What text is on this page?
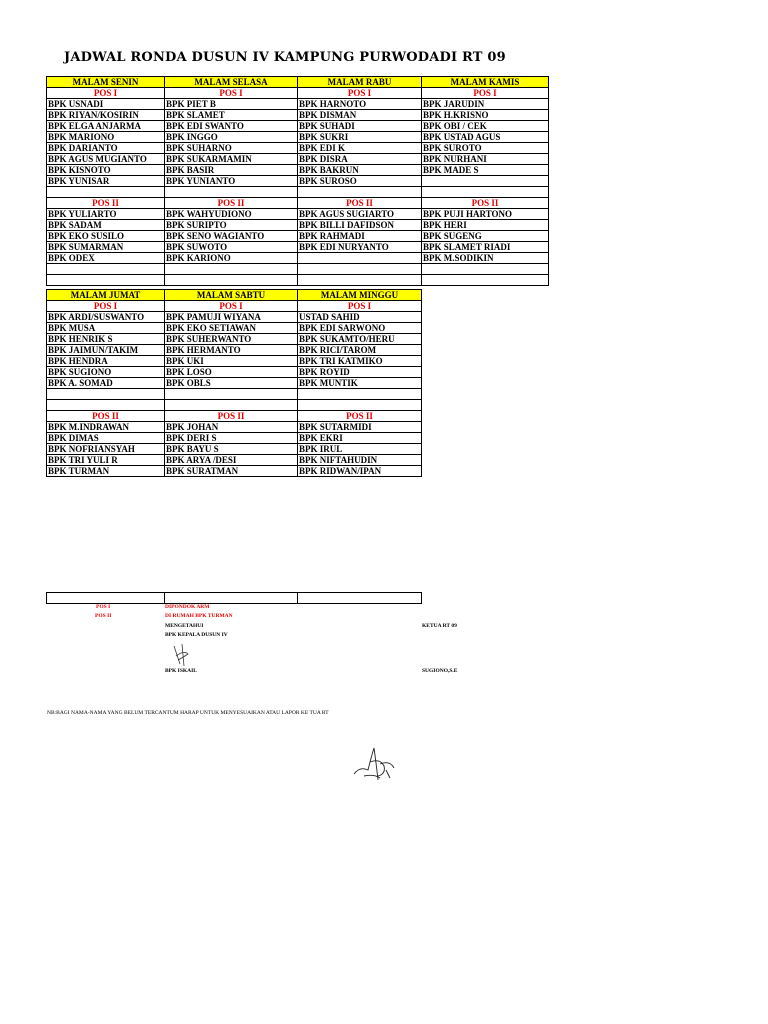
JADWAL RONDA DUSUN IV KAMPUNG PURWODADI RT 09
MALAM SENIN	MALAM SELASA	MALAM RABU	MALAM KAMIS
POS I	POS I	POS I	POS I
BPK USNADI	BPK PIET B	BPK HARNOTO	BPK JARUDIN
BPK RIYAN/KOSIRIN	BPK SLAMET	BPK DISMAN	BPK H.KRISNO
BPK ELGA ANJARMA	BPK EDI SWANTO	BPK SUHADI	BPK OBI / CEK
BPK MARIONO	BPK INGGO	BPK SUKRI	BPK USTAD AGUS
BPK DARIANTO	BPK SUHARNO	BPK EDI K	BPK SUROTO
BPK AGUS MUGIANTO	BPK SUKARMAMIN	BPK DISRA	BPK NURHANI
BPK KISNOTO	BPK BASIR	BPK BAKRUN	BPK MADE S
BPK YUNISAR	BPK YUNIANTO	BPK SUROSO	

POS II	POS II	POS II	POS II
BPK YULIARTO	BPK WAHYUDIONO	BPK AGUS SUGIARTO	BPK PUJI HARTONO
BPK SADAM	BPK SURIPTO	BPK BILLI DAFIDSON	BPK HERI
BPK EKO SUSILO	BPK SENO WAGIANTO	BPK RAHMADI	BPK SUGENG
BPK SUMARMAN	BPK SUWOTO	BPK EDI NURYANTO	BPK SLAMET RIADI
BPK ODEX	BPK KARIONO		BPK M.SODIKIN

MALAM JUMAT	MALAM SABTU	MALAM MINGGU
POS I	POS I	POS I
BPK ARDI/SUSWANTO	BPK PAMUJI WIYANA	USTAD SAHID
BPK MUSA	BPK EKO SETIAWAN	BPK EDI SARWONO
BPK HENRIK S	BPK SUHERWANTO	BPK SUKAMTO/HERU
BPK JAIMUN/TAKIM	BPK HERMANTO	BPK RICI/TAROM
BPK HENDRA	BPK UKI	BPK TRI KATMIKO
BPK SUGIONO	BPK LOSO	BPK ROYID
BPK A. SOMAD	BPK OBLS	BPK MUNTIK

POS II	POS II	POS II
BPK M.INDRAWAN	BPK JOHAN	BPK SUTARMIDI
BPK DIMAS	BPK DERI S	BPK EKRI
BPK NOFRIANSYAH	BPK BAYU S	BPK IRUL
BPK TRI YULI R	BPK ARYA /DESI	BPK NIFTAHUDIN
BPK TURMAN	BPK SURATMAN	BPK RIDWAN/IPAN

POS I
POS II
DIPONDOK ARM
DI RUMAH BPK TURMAN
MENGETAHUI
BPK KEPALA DUSUN IV
KETUA RT 09
BPK ISKAIL	SUGIONO,S.E
NB:BAGI NAMA-NAMA YANG BELUM TERCANTUM HARAP UNTUK MENYESUAIKAN ATAU LAPOR KE TUA RT
